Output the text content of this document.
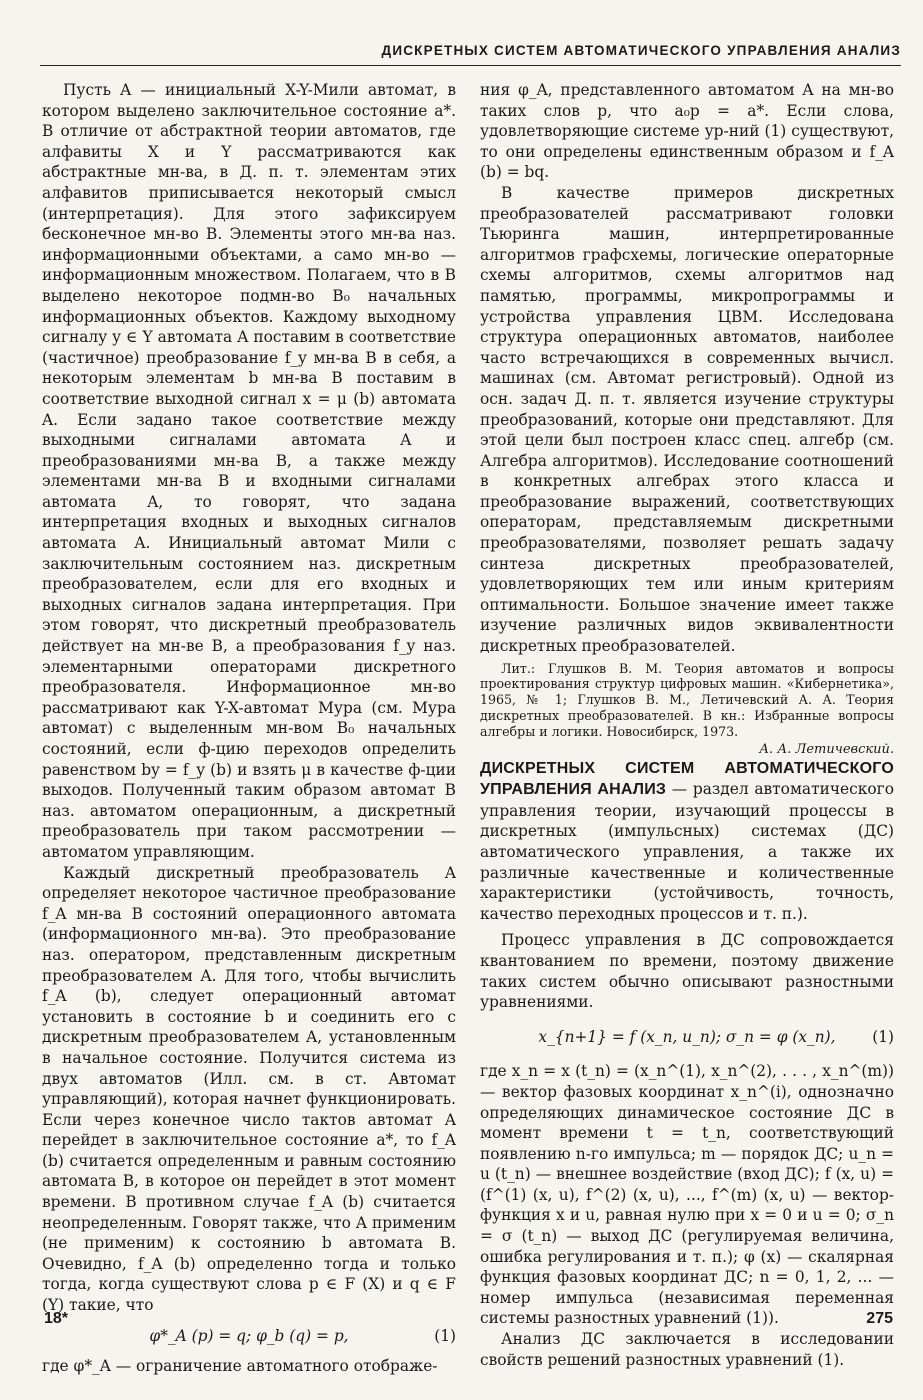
ДИСКРЕТНЫХ СИСТЕМ АВТОМАТИЧЕСКОГО УПРАВЛЕНИЯ АНАЛИЗ

Пусть A — инициальный X-Y-Мили автомат, в котором выделено заключительное состояние a*. В отличие от абстрактной теории автоматов, где алфавиты X и Y рассматриваются как абстрактные мн-ва, в Д. п. т. элементам этих алфавитов приписывается некоторый смысл (интерпретация). Для этого зафиксируем бесконечное мн-во B. Элементы этого мн-ва наз. информационными объектами, а само мн-во — информационным множеством. Полагаем, что в B выделено некоторое подмн-во B₀ начальных информационных объектов. Каждому выходному сигналу y ∈ Y автомата A поставим в соответствие (частичное) преобразование f_y мн-ва B в себя, а некоторым элементам b мн-ва B поставим в соответствие выходной сигнал x = μ (b) автомата A. Если задано такое соответствие между выходными сигналами автомата A и преобразованиями мн-ва B, а также между элементами мн-ва B и входными сигналами автомата A, то говорят, что задана интерпретация входных и выходных сигналов автомата A. Инициальный автомат Мили с заключительным состоянием наз. дискретным преобразователем, если для его входных и выходных сигналов задана интерпретация. При этом говорят, что дискретный преобразователь действует на мн-ве B, а преобразования f_y наз. элементарными операторами дискретного преобразователя. Информационное мн-во рассматривают как Y-X-автомат Мура (см. Мура автомат) с выделенным мн-вом B₀ начальных состояний, если ф-цию переходов определить равенством by = f_y (b) и взять μ в качестве ф-ции выходов. Полученный таким образом автомат B наз. автоматом операционным, а дискретный преобразователь при таком рассмотрении — автоматом управляющим.

Каждый дискретный преобразователь A определяет некоторое частичное преобразование f_A мн-ва B состояний операционного автомата (информационного мн-ва). Это преобразование наз. оператором, представленным дискретным преобразователем A. Для того, чтобы вычислить f_A (b), следует операционный автомат установить в состояние b и соединить его с дискретным преобразователем A, установленным в начальное состояние. Получится система из двух автоматов (Илл. см. в ст. Автомат управляющий), которая начнет функционировать. Если через конечное число тактов автомат A перейдет в заключительное состояние a*, то f_A (b) считается определенным и равным состоянию автомата B, в которое он перейдет в этот момент времени. В противном случае f_A (b) считается неопределенным. Говорят также, что A применим (не применим) к состоянию b автомата B. Очевидно, f_A (b) определенно тогда и только тогда, когда существуют слова p ∈ F (X) и q ∈ F (Y) такие, что

φ*_A (p) = q; φ_b (q) = p,	(1)

где φ*_A — ограничение автоматного отображе-

ния φ_A, представленного автоматом A на мн-во таких слов p, что a₀p = a*. Если слова, удовлетворяющие системе ур-ний (1) существуют, то они определены единственным образом и f_A (b) = bq.

В качестве примеров дискретных преобразователей рассматривают головки Тьюринга машин, интерпретированные алгоритмов графсхемы, логические операторные схемы алгоритмов, схемы алгоритмов над памятью, программы, микропрограммы и устройства управления ЦВМ. Исследована структура операционных автоматов, наиболее часто встречающихся в современных вычисл. машинах (см. Автомат регистровый). Одной из осн. задач Д. п. т. является изучение структуры преобразований, которые они представляют. Для этой цели был построен класс спец. алгебр (см. Алгебра алгоритмов). Исследование соотношений в конкретных алгебрах этого класса и преобразование выражений, соответствующих операторам, представляемым дискретными преобразователями, позволяет решать задачу синтеза дискретных преобразователей, удовлетворяющих тем или иным критериям оптимальности. Большое значение имеет также изучение различных видов эквивалентности дискретных преобразователей.

Лит.: Глушков В. М. Теория автоматов и вопросы проектирования структур цифровых машин. «Кибернетика», 1965, № 1; Глушков В. М., Летичевский А. А. Теория дискретных преобразователей. В кн.: Избранные вопросы алгебры и логики. Новосибирск, 1973.

А. А. Летичевский.

ДИСКРЕТНЫХ СИСТЕМ АВТОМАТИЧЕСКОГО УПРАВЛЕНИЯ АНАЛИЗ — раздел автоматического управления теории, изучающий процессы в дискретных (импульсных) системах (ДС) автоматического управления, а также их различные качественные и количественные характеристики (устойчивость, точность, качество переходных процессов и т. п.).

Процесс управления в ДС сопровождается квантованием по времени, поэтому движение таких систем обычно описывают разностными уравнениями.

x_{n+1} = f (x_n, u_n); σ_n = φ (x_n), (1)

где x_n = x (t_n) = (x_n^(1), x_n^(2), . . . , x_n^(m)) — вектор фазовых координат x_n^(i), однозначно определяющих динамическое состояние ДС в момент времени t = t_n, соответствующий появлению n-го импульса; m — порядок ДС; u_n = u (t_n) — внешнее воздействие (вход ДС); f (x, u) = (f^(1) (x, u), f^(2) (x, u), ..., f^(m) (x, u) — вектор-функция x и u, равная нулю при x = 0 и u = 0; σ_n = σ (t_n) — выход ДС (регулируемая величина, ошибка регулирования и т. п.); φ (x) — скалярная функция фазовых координат ДС; n = 0, 1, 2, ... — номер импульса (независимая переменная системы разностных уравнений (1)).

Анализ ДС заключается в исследовании свойств решений разностных уравнений (1).

18*	275
